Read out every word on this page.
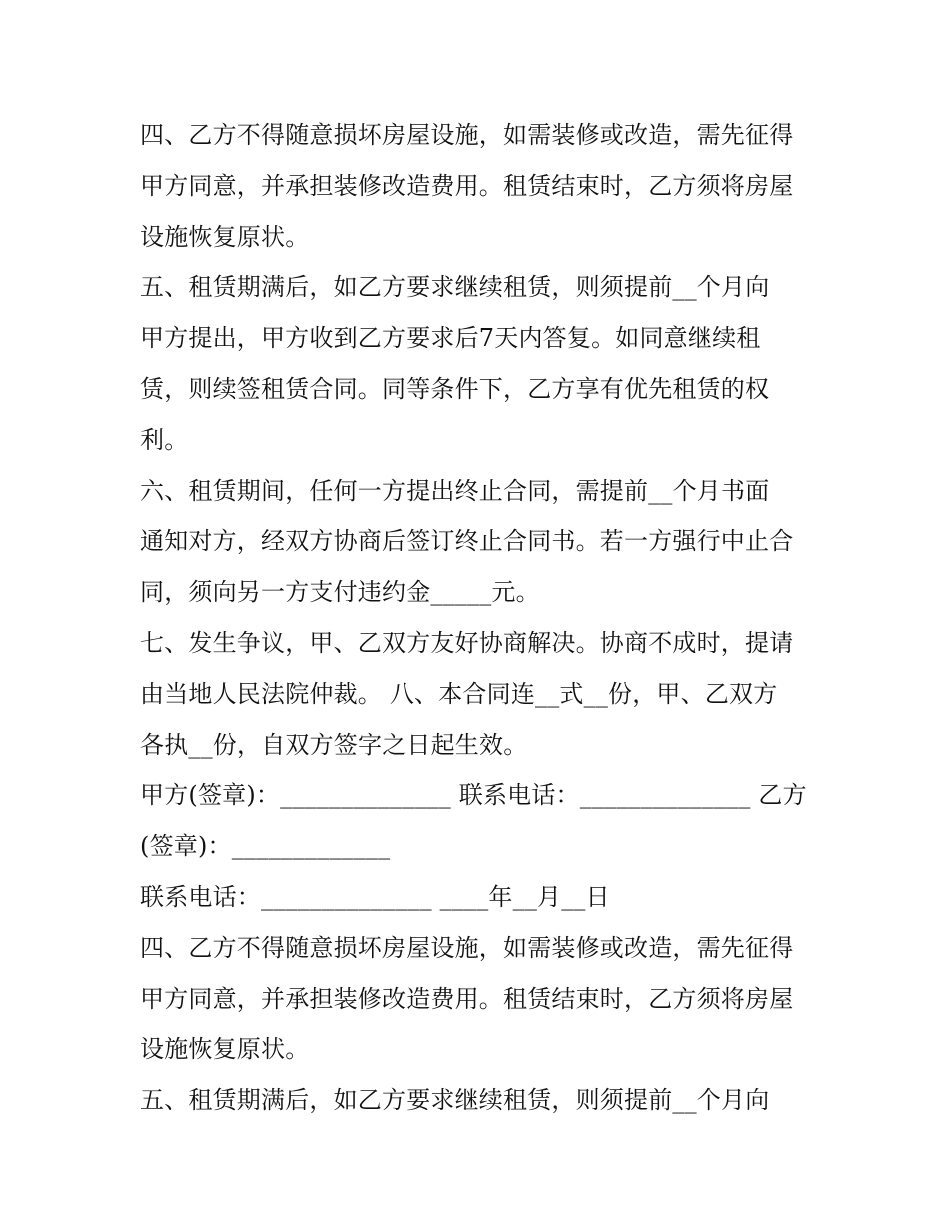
四、乙方不得随意损坏房屋设施，如需装修或改造，需先征得
甲方同意，并承担装修改造费用。租赁结束时，乙方须将房屋
设施恢复原状。
五、租赁期满后，如乙方要求继续租赁，则须提前__个月向
甲方提出，甲方收到乙方要求后7天内答复。如同意继续租
赁，则续签租赁合同。同等条件下，乙方享有优先租赁的权
利。
六、租赁期间，任何一方提出终止合同，需提前__个月书面
通知对方，经双方协商后签订终止合同书。若一方强行中止合
同，须向另一方支付违约金_____元。
七、发生争议，甲、乙双方友好协商解决。协商不成时，提请
由当地人民法院仲裁。 八、本合同连__式__份，甲、乙双方
各执__份，自双方签字之日起生效。
甲方(签章)：______________ 联系电话：______________ 乙方
(签章)：_____________
联系电话：______________ ____年__月__日
四、乙方不得随意损坏房屋设施，如需装修或改造，需先征得
甲方同意，并承担装修改造费用。租赁结束时，乙方须将房屋
设施恢复原状。
五、租赁期满后，如乙方要求继续租赁，则须提前__个月向
